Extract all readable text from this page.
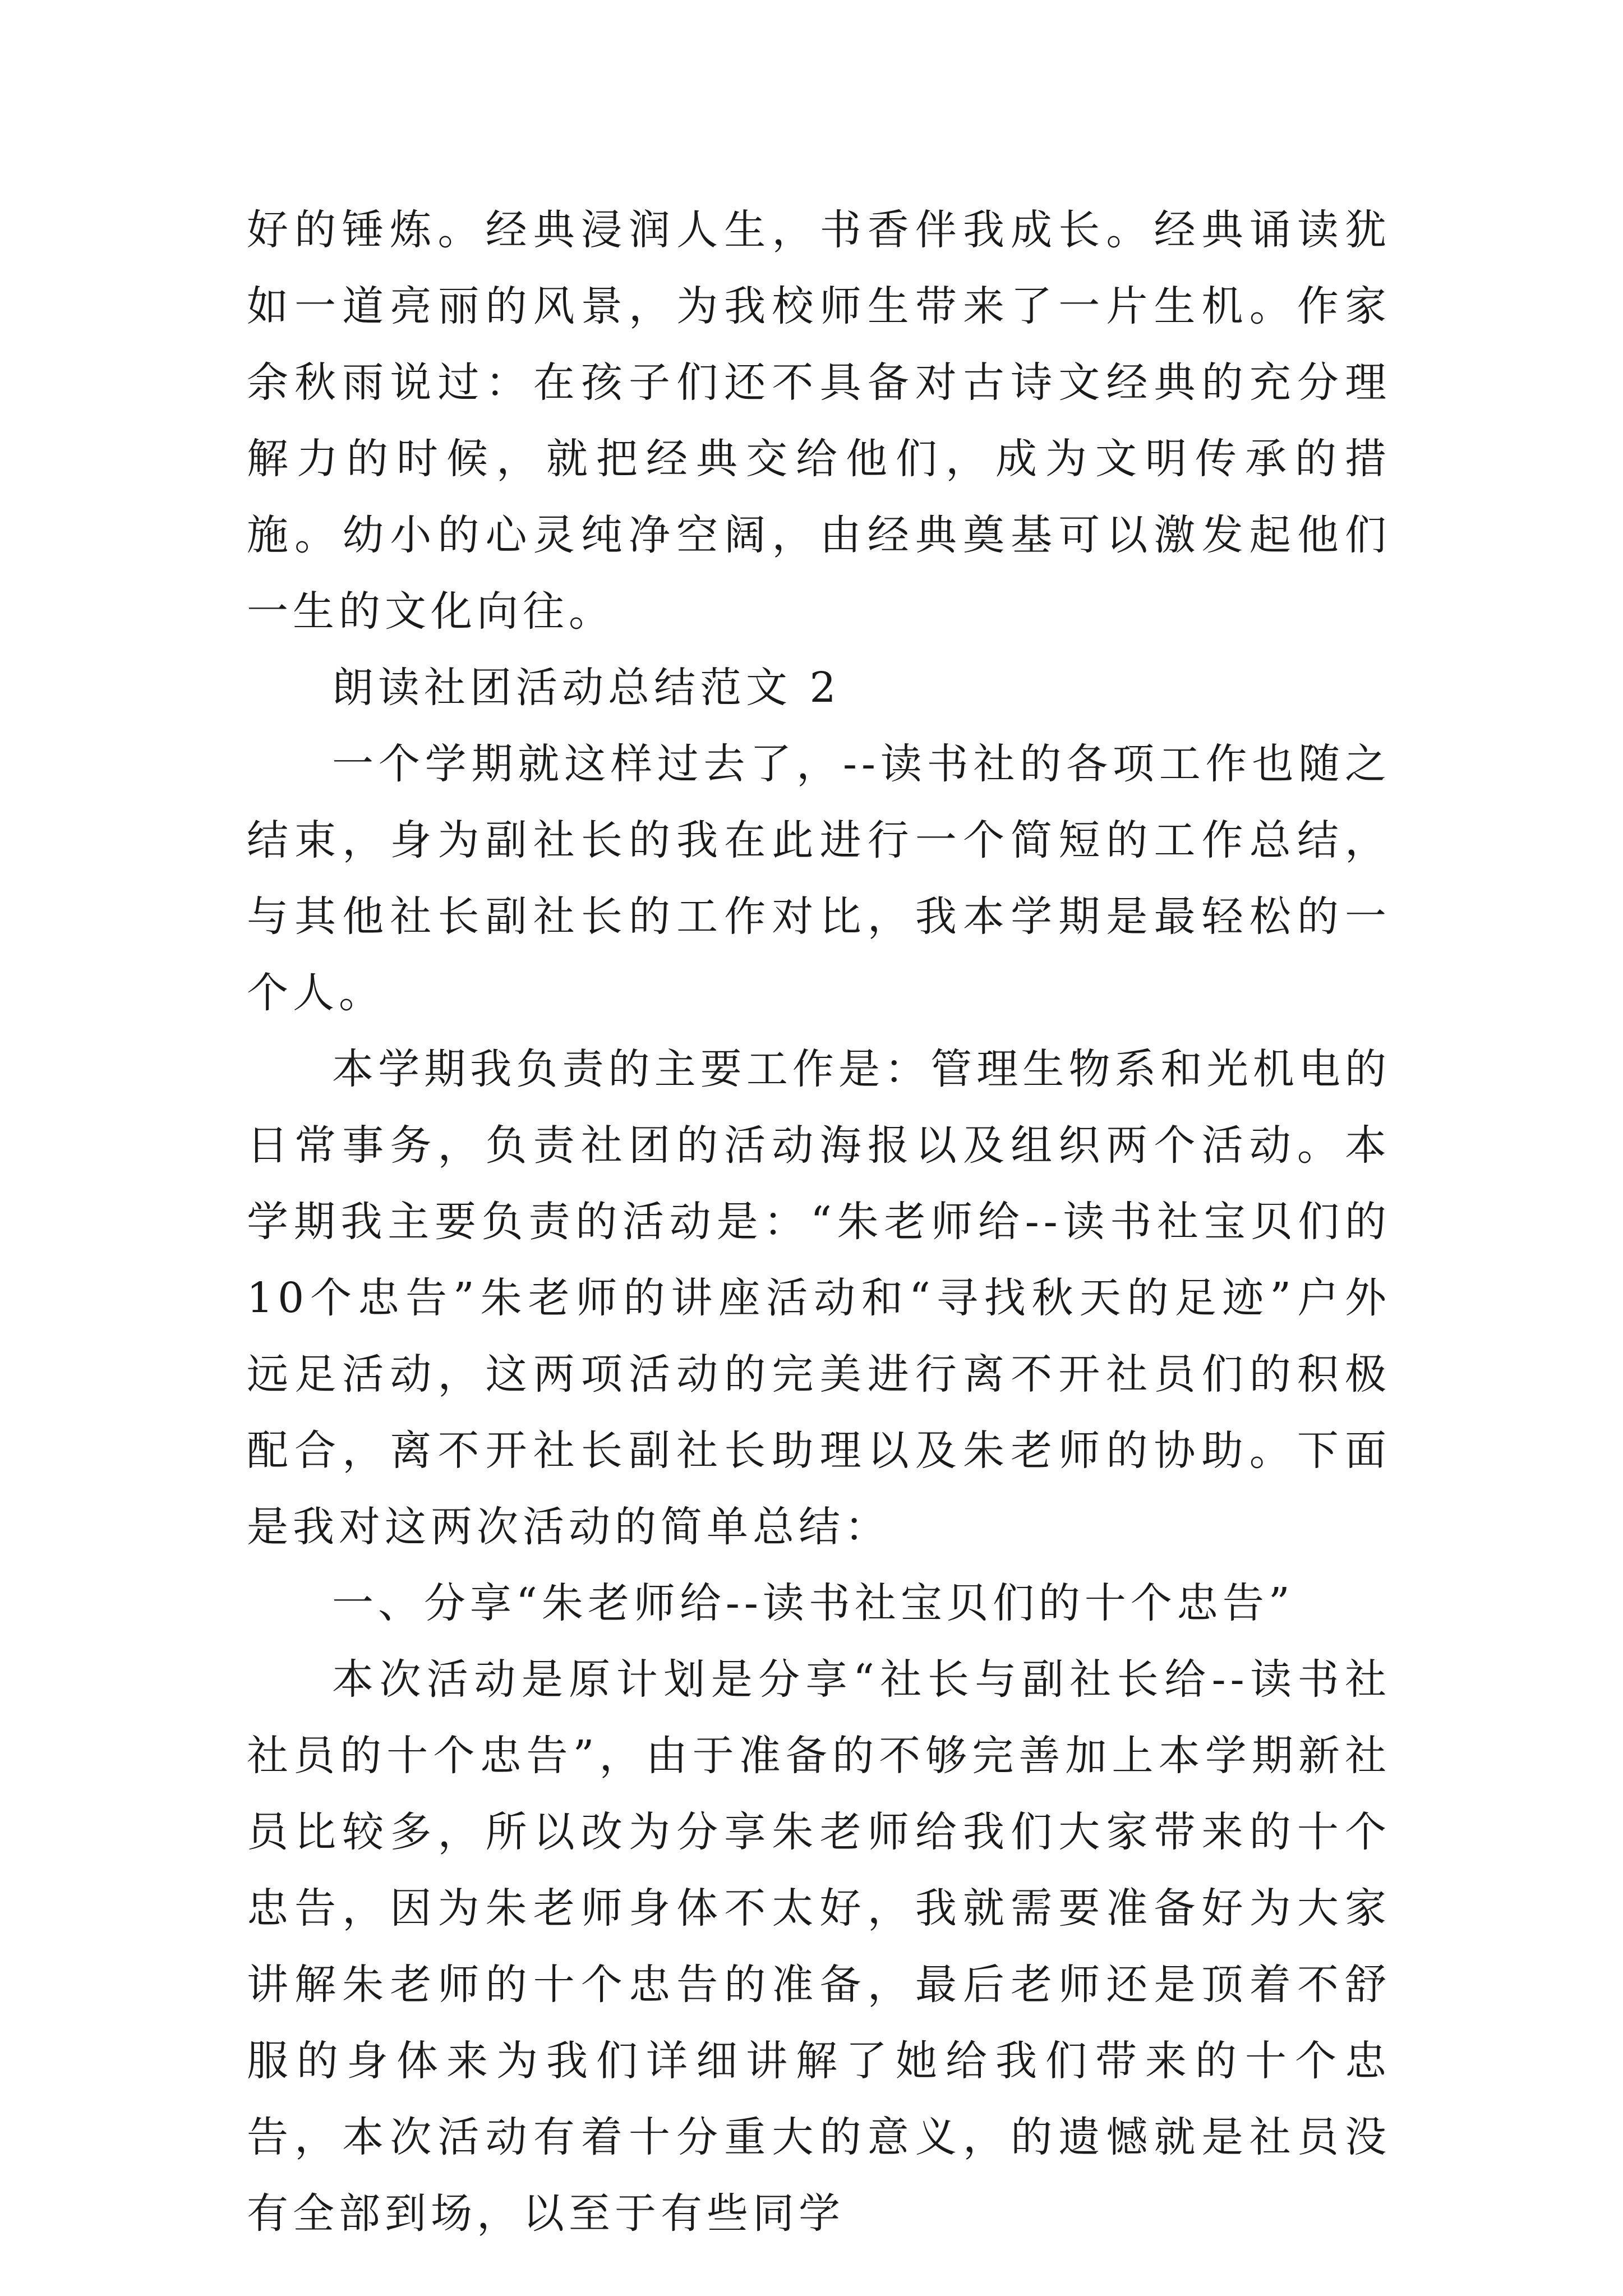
好的锤炼。经典浸润人生，书香伴我成长。经典诵读犹如一道亮丽的风景，为我校师生带来了一片生机。作家余秋雨说过：在孩子们还不具备对古诗文经典的充分理解力的时候，就把经典交给他们，成为文明传承的措施。幼小的心灵纯净空阔，由经典奠基可以激发起他们一生的文化向往。

朗读社团活动总结范文 2

一个学期就这样过去了，--读书社的各项工作也随之结束，身为副社长的我在此进行一个简短的工作总结，与其他社长副社长的工作对比，我本学期是最轻松的一个人。

本学期我负责的主要工作是：管理生物系和光机电的日常事务，负责社团的活动海报以及组织两个活动。本学期我主要负责的活动是：“朱老师给--读书社宝贝们的10个忠告”朱老师的讲座活动和“寻找秋天的足迹”户外远足活动，这两项活动的完美进行离不开社员们的积极配合，离不开社长副社长助理以及朱老师的协助。下面是我对这两次活动的简单总结：

一、分享“朱老师给--读书社宝贝们的十个忠告”

本次活动是原计划是分享“社长与副社长给--读书社社员的十个忠告”，由于准备的不够完善加上本学期新社员比较多，所以改为分享朱老师给我们大家带来的十个忠告，因为朱老师身体不太好，我就需要准备好为大家讲解朱老师的十个忠告的准备，最后老师还是顶着不舒服的身体来为我们详细讲解了她给我们带来的十个忠告，本次活动有着十分重大的意义，的遗憾就是社员没有全部到场，以至于有些同学
